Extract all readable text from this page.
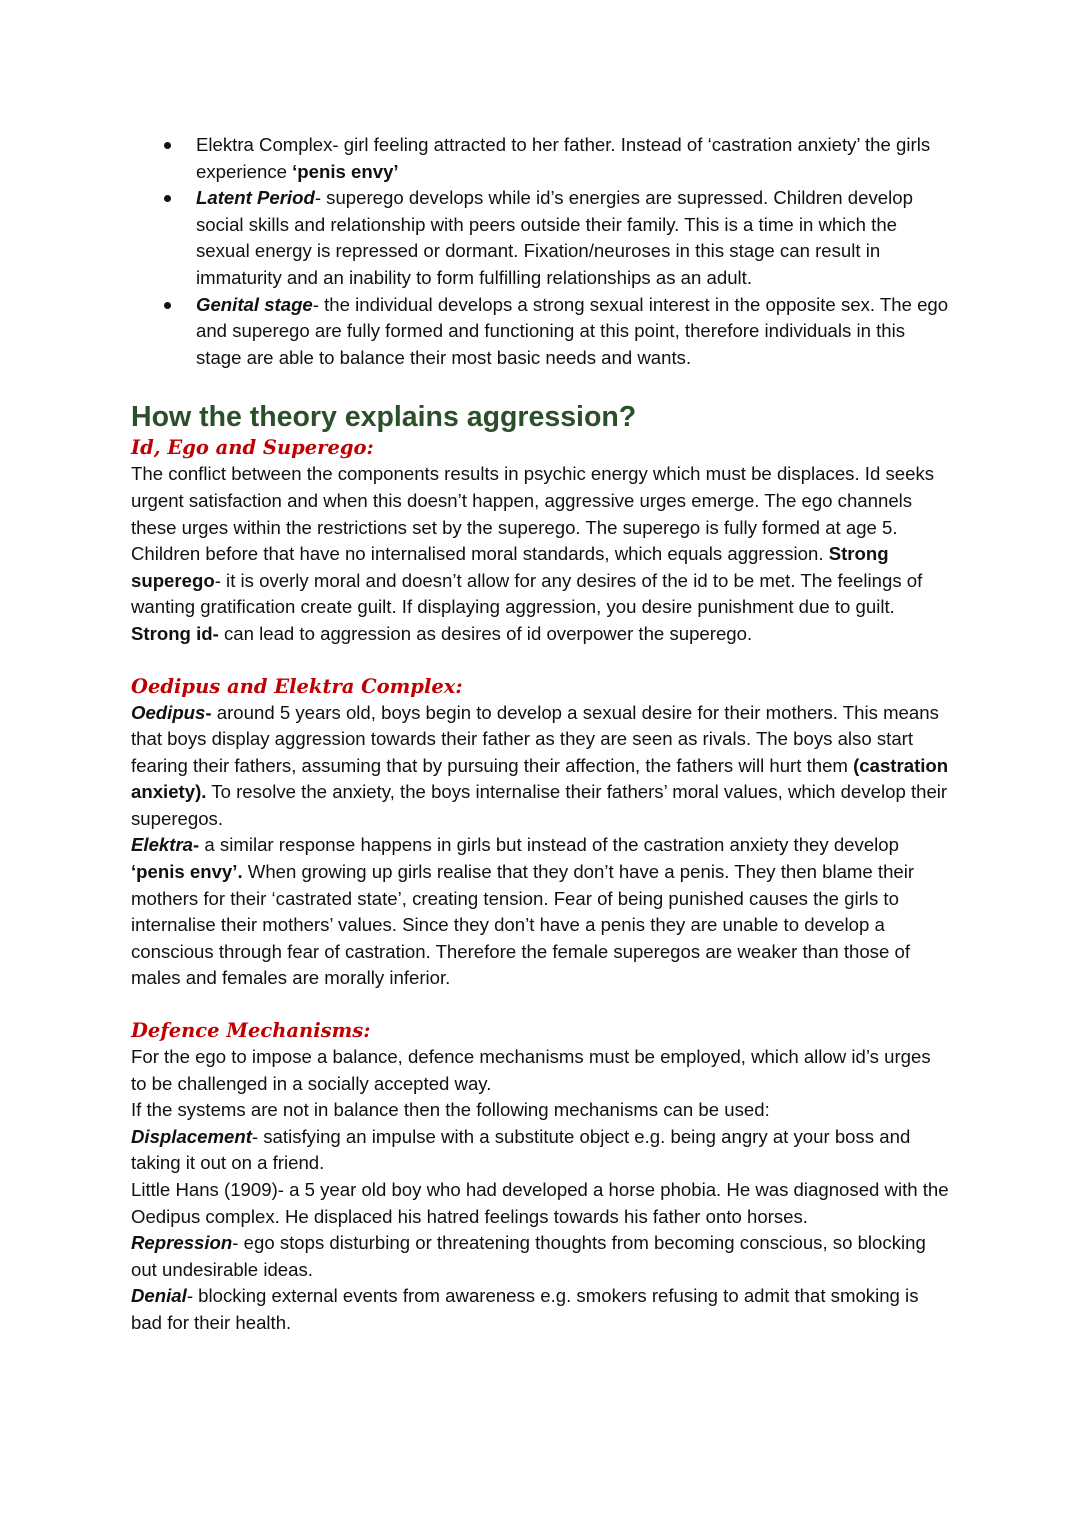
Elektra Complex- girl feeling attracted to her father. Instead of ‘castration anxiety’ the girls experience ‘penis envy’
Latent Period- superego develops while id’s energies are supressed. Children develop social skills and relationship with peers outside their family. This is a time in which the sexual energy is repressed or dormant. Fixation/neuroses in this stage can result in immaturity and an inability to form fulfilling relationships as an adult.
Genital stage- the individual develops a strong sexual interest in the opposite sex. The ego and superego are fully formed and functioning at this point, therefore individuals in this stage are able to balance their most basic needs and wants.
How the theory explains aggression?
Id, Ego and Superego:

The conflict between the components results in psychic energy which must be displaces. Id seeks urgent satisfaction and when this doesn’t happen, aggressive urges emerge. The ego channels these urges within the restrictions set by the superego. The superego is fully formed at age 5. Children before that have no internalised moral standards, which equals aggression. Strong superego- it is overly moral and doesn’t allow for any desires of the id to be met. The feelings of wanting gratification create guilt. If displaying aggression, you desire punishment due to guilt. Strong id- can lead to aggression as desires of id overpower the superego.

Oedipus and Elektra Complex:

Oedipus- around 5 years old, boys begin to develop a sexual desire for their mothers. This means that boys display aggression towards their father as they are seen as rivals. The boys also start fearing their fathers, assuming that by pursuing their affection, the fathers will hurt them (castration anxiety). To resolve the anxiety, the boys internalise their fathers’ moral values, which develop their superegos.

Elektra- a similar response happens in girls but instead of the castration anxiety they develop ‘penis envy’. When growing up girls realise that they don’t have a penis. They then blame their mothers for their ‘castrated state’, creating tension. Fear of being punished causes the girls to internalise their mothers’ values. Since they don’t have a penis they are unable to develop a conscious through fear of castration. Therefore the female superegos are weaker than those of males and females are morally inferior.

Defence Mechanisms:

For the ego to impose a balance, defence mechanisms must be employed, which allow id’s urges to be challenged in a socially accepted way.

If the systems are not in balance then the following mechanisms can be used:

Displacement- satisfying an impulse with a substitute object e.g. being angry at your boss and taking it out on a friend.

Little Hans (1909)- a 5 year old boy who had developed a horse phobia. He was diagnosed with the Oedipus complex. He displaced his hatred feelings towards his father onto horses.

Repression- ego stops disturbing or threatening thoughts from becoming conscious, so blocking out undesirable ideas.

Denial- blocking external events from awareness e.g. smokers refusing to admit that smoking is bad for their health.
